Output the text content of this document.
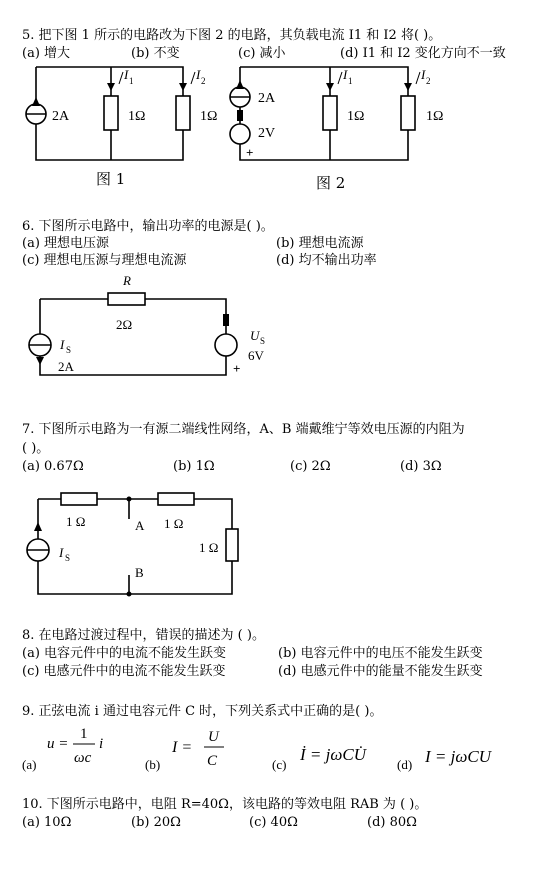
5. 把下图 1 所示的电路改为下图 2 的电路，其负载电流 I1 和 I2 将( )。
(a) 增大	(b) 不变	(c) 减小	(d) I1 和 I2 变化方向不一致
2A	1Ω	1Ω
I 1	I 2
图 1
2A
2V
+
1Ω	1Ω
I 1	I 2
图 2
6. 下图所示电路中，输出功率的电源是( )。
(a) 理想电压源	(b) 理想电流源
(c) 理想电压源与理想电流源	(d) 均不输出功率
R
2Ω
I S
2A
U S
6V
+
7. 下图所示电路为一有源二端线性网络，A、B 端戴维宁等效电压源的内阻为
( )。
(a) 0.67Ω	(b) 1Ω	(c) 2Ω	(d) 3Ω
1 Ω	1 Ω
1 Ω
A
B
I S
8. 在电路过渡过程中，错误的描述为 ( )。
(a) 电容元件中的电流不能发生跃变	(b) 电容元件中的电压不能发生跃变
(c) 电感元件中的电流不能发生跃变	(d) 电感元件中的能量不能发生跃变
9. 正弦电流 i 通过电容元件 C 时，下列关系式中正确的是( )。
(a)	(b)	(c)	(d)
u =
1
ωc
i	I =
U
C	İ = jωCU̇	I = jωCU
10. 下图所示电路中，电阻 R=40Ω，该电路的等效电阻 RAB 为 ( )。
(a) 10Ω	(b) 20Ω	(c) 40Ω	(d) 80Ω
